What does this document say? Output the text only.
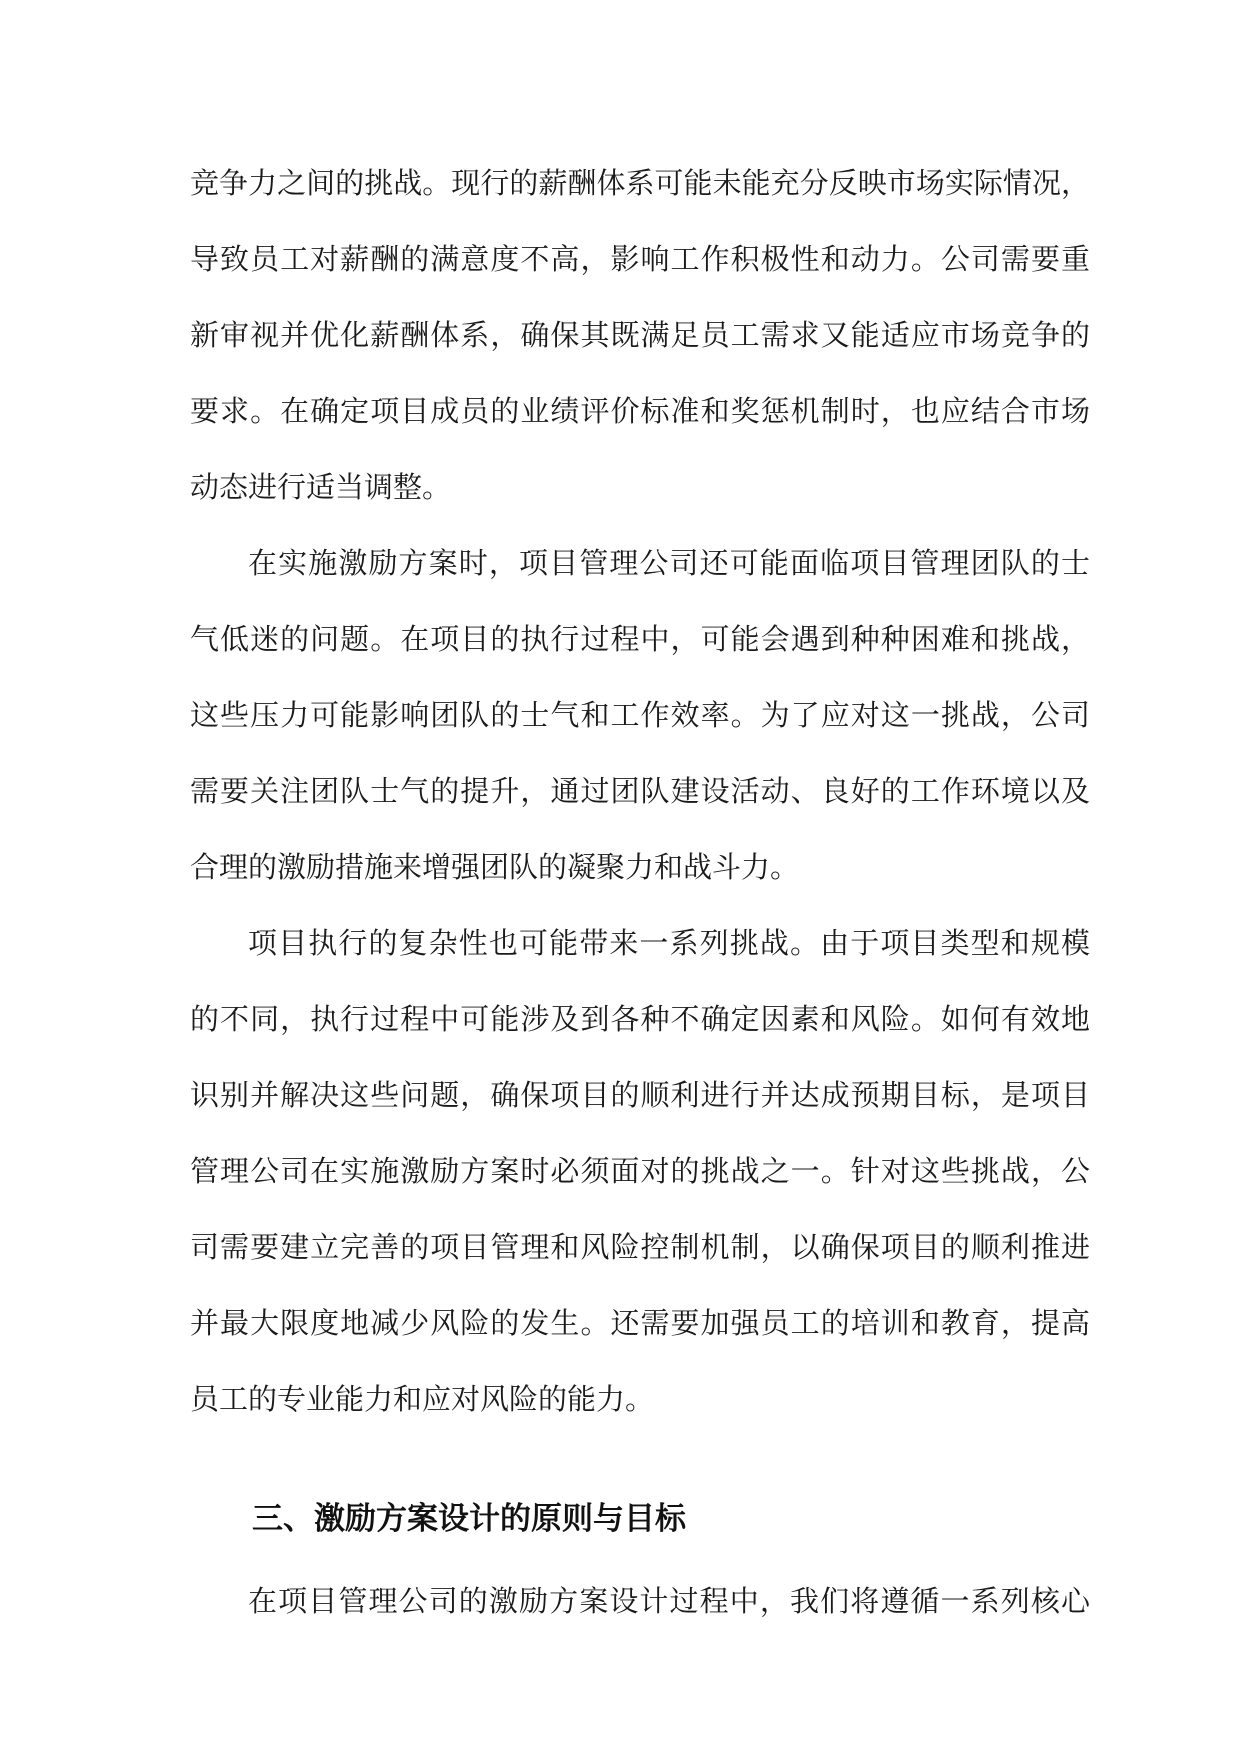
竞争力之间的挑战。现行的薪酬体系可能未能充分反映市场实际情况，
导致员工对薪酬的满意度不高，影响工作积极性和动力。公司需要重
新审视并优化薪酬体系，确保其既满足员工需求又能适应市场竞争的
要求。在确定项目成员的业绩评价标准和奖惩机制时，也应结合市场
动态进行适当调整。
在实施激励方案时，项目管理公司还可能面临项目管理团队的士
气低迷的问题。在项目的执行过程中，可能会遇到种种困难和挑战，
这些压力可能影响团队的士气和工作效率。为了应对这一挑战，公司
需要关注团队士气的提升，通过团队建设活动、良好的工作环境以及
合理的激励措施来增强团队的凝聚力和战斗力。
项目执行的复杂性也可能带来一系列挑战。由于项目类型和规模
的不同，执行过程中可能涉及到各种不确定因素和风险。如何有效地
识别并解决这些问题，确保项目的顺利进行并达成预期目标，是项目
管理公司在实施激励方案时必须面对的挑战之一。针对这些挑战，公
司需要建立完善的项目管理和风险控制机制，以确保项目的顺利推进
并最大限度地减少风险的发生。还需要加强员工的培训和教育，提高
员工的专业能力和应对风险的能力。
三、激励方案设计的原则与目标
在项目管理公司的激励方案设计过程中，我们将遵循一系列核心
